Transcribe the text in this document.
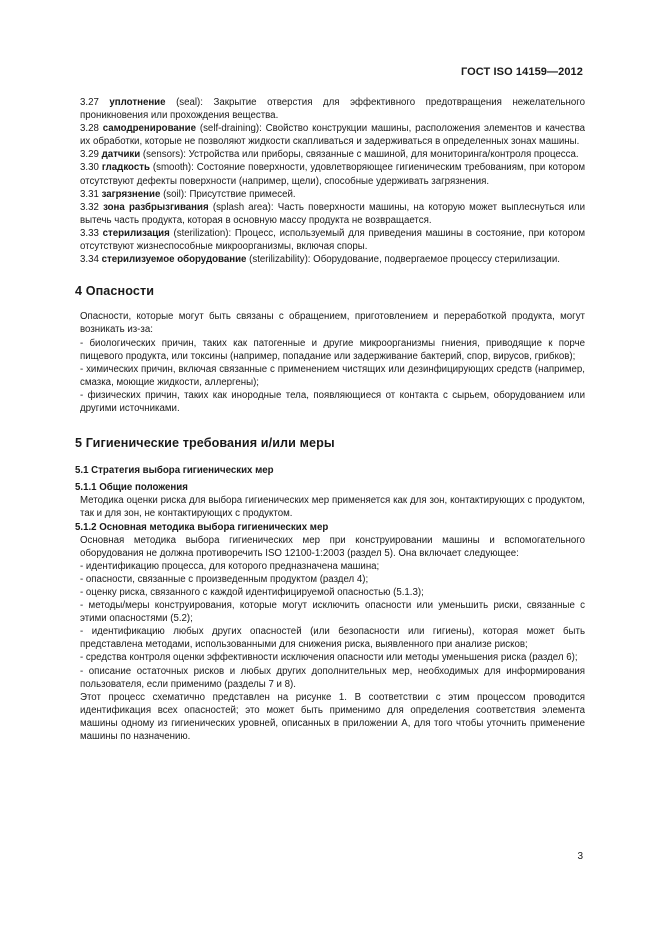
ГОСТ ISO 14159—2012

3.27 уплотнение (seal): Закрытие отверстия для эффективного предотвращения нежелательного проникновения или прохождения вещества.

3.28 самодренирование (self-draining): Свойство конструкции машины, расположения элементов и качества их обработки, которые не позволяют жидкости скапливаться и задерживаться в определенных зонах машины.

3.29 датчики (sensors): Устройства или приборы, связанные с машиной, для мониторинга/контроля процесса.

3.30 гладкость (smooth): Состояние поверхности, удовлетворяющее гигиеническим требованиям, при котором отсутствуют дефекты поверхности (например, щели), способные удерживать загрязнения.

3.31 загрязнение (soil): Присутствие примесей.

3.32 зона разбрызгивания (splash area): Часть поверхности машины, на которую может выплеснуться или вытечь часть продукта, которая в основную массу продукта не возвращается.

3.33 стерилизация (sterilization): Процесс, используемый для приведения машины в состояние, при котором отсутствуют жизнеспособные микроорганизмы, включая споры.

3.34 стерилизуемое оборудование (sterilizability): Оборудование, подвергаемое процессу стерилизации.

4 Опасности

Опасности, которые могут быть связаны с обращением, приготовлением и переработкой продукта, могут возникать из-за:

- биологических причин, таких как патогенные и другие микроорганизмы гниения, приводящие к порче пищевого продукта, или токсины (например, попадание или задерживание бактерий, спор, вирусов, грибков);

- химических причин, включая связанные с применением чистящих или дезинфицирующих средств (например, смазка, моющие жидкости, аллергены);

- физических причин, таких как инородные тела, появляющиеся от контакта с сырьем, оборудованием или другими источниками.

5 Гигиенические требования и/или меры
5.1 Стратегия выбора гигиенических мер
5.1.1 Общие положения

Методика оценки риска для выбора гигиенических мер применяется как для зон, контактирующих с продуктом, так и для зон, не контактирующих с продуктом.

5.1.2 Основная методика выбора гигиенических мер

Основная методика выбора гигиенических мер при конструировании машины и вспомогательного оборудования не должна противоречить ISO 12100-1:2003 (раздел 5). Она включает следующее:

- идентификацию процесса, для которого предназначена машина;

- опасности, связанные с произведенным продуктом (раздел 4);

- оценку риска, связанного с каждой идентифицируемой опасностью (5.1.3);

- методы/меры конструирования, которые могут исключить опасности или уменьшить риски, связанные с этими опасностями (5.2);

- идентификацию любых других опасностей (или безопасности или гигиены), которая может быть представлена методами, использованными для снижения риска, выявленного при анализе рисков;

- средства контроля оценки эффективности исключения опасности или методы уменьшения риска (раздел 6);

- описание остаточных рисков и любых других дополнительных мер, необходимых для информирования пользователя, если применимо (разделы 7 и 8).

Этот процесс схематично представлен на рисунке 1. В соответствии с этим процессом проводится идентификация всех опасностей; это может быть применимо для определения соответствия элемента машины одному из гигиенических уровней, описанных в приложении А, для того чтобы уточнить применение машины по назначению.

3
